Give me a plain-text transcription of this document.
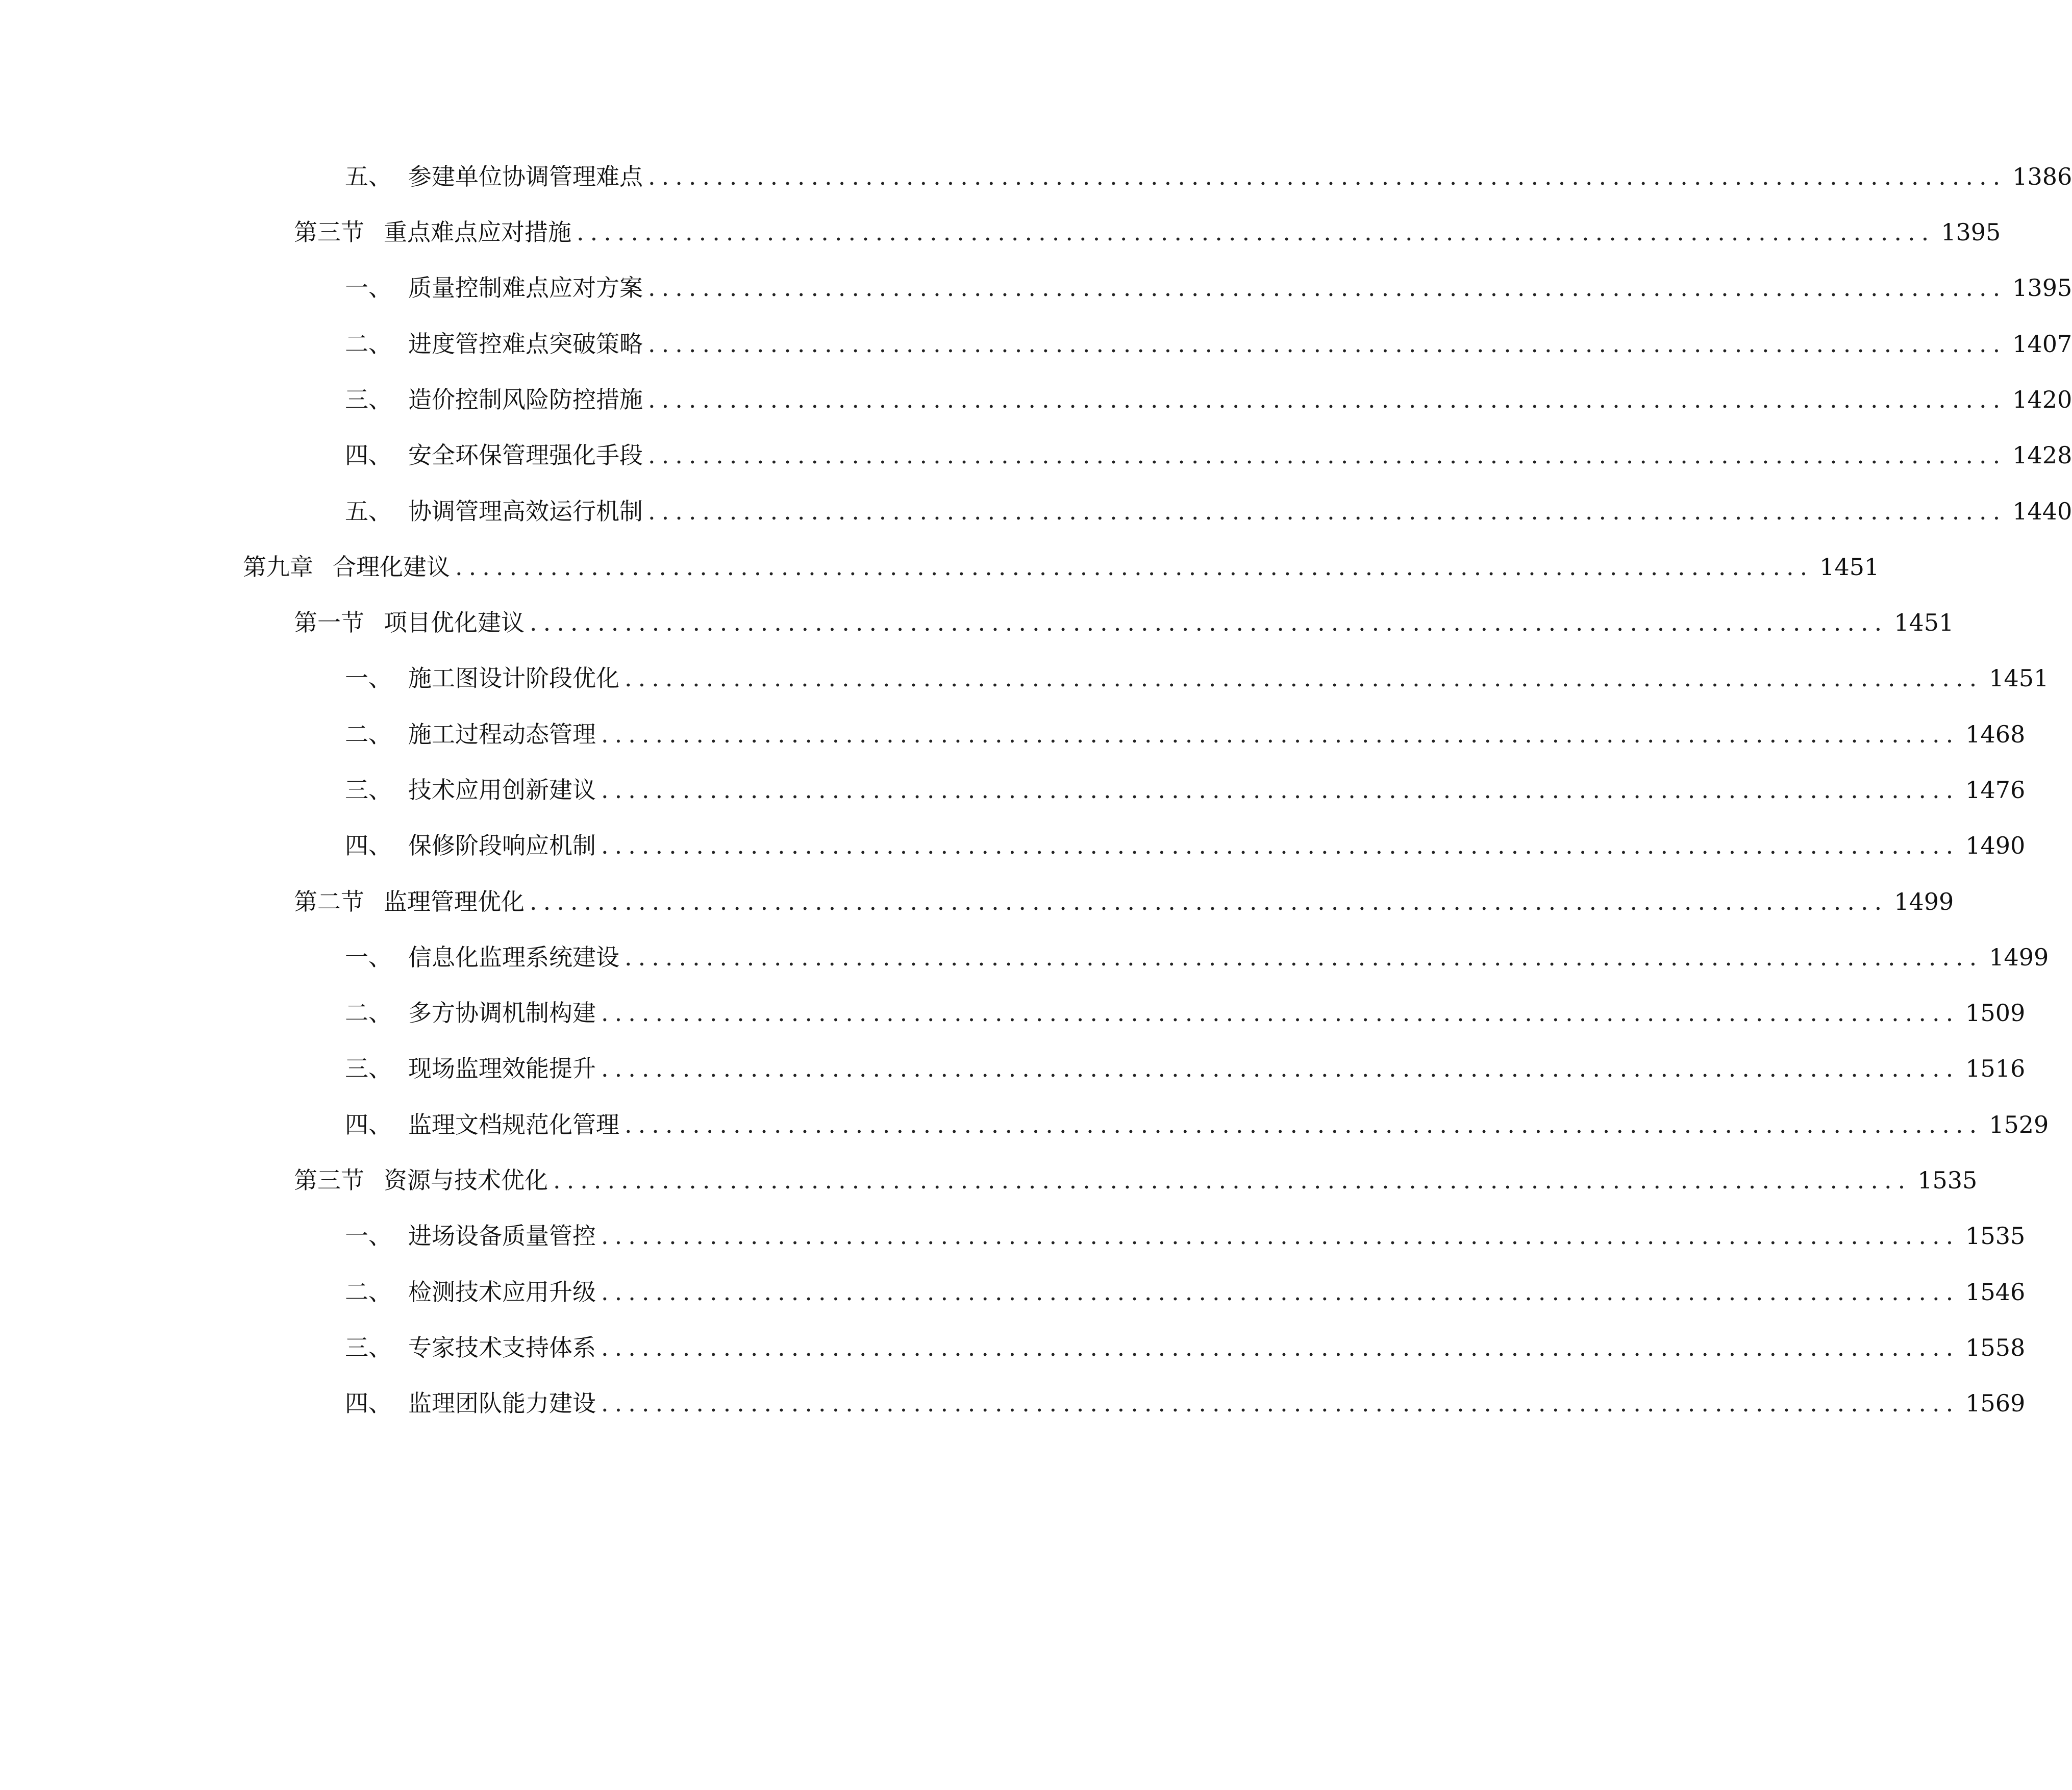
五、 参建单位协调管理难点 .................................................................................................... 1386
第三节 重点难点应对措施 .................................................................................................... 1395
一、 质量控制难点应对方案 .................................................................................................... 1395
二、 进度管控难点突破策略 .................................................................................................... 1407
三、 造价控制风险防控措施 .................................................................................................... 1420
四、 安全环保管理强化手段 .................................................................................................... 1428
五、 协调管理高效运行机制 .................................................................................................... 1440
第九章 合理化建议 .................................................................................................... 1451
第一节 项目优化建议 .................................................................................................... 1451
一、 施工图设计阶段优化 .................................................................................................... 1451
二、 施工过程动态管理 .................................................................................................... 1468
三、 技术应用创新建议 .................................................................................................... 1476
四、 保修阶段响应机制 .................................................................................................... 1490
第二节 监理管理优化 .................................................................................................... 1499
一、 信息化监理系统建设 .................................................................................................... 1499
二、 多方协调机制构建 .................................................................................................... 1509
三、 现场监理效能提升 .................................................................................................... 1516
四、 监理文档规范化管理 .................................................................................................... 1529
第三节 资源与技术优化 .................................................................................................... 1535
一、 进场设备质量管控 .................................................................................................... 1535
二、 检测技术应用升级 .................................................................................................... 1546
三、 专家技术支持体系 .................................................................................................... 1558
四、 监理团队能力建设 .................................................................................................... 1569
